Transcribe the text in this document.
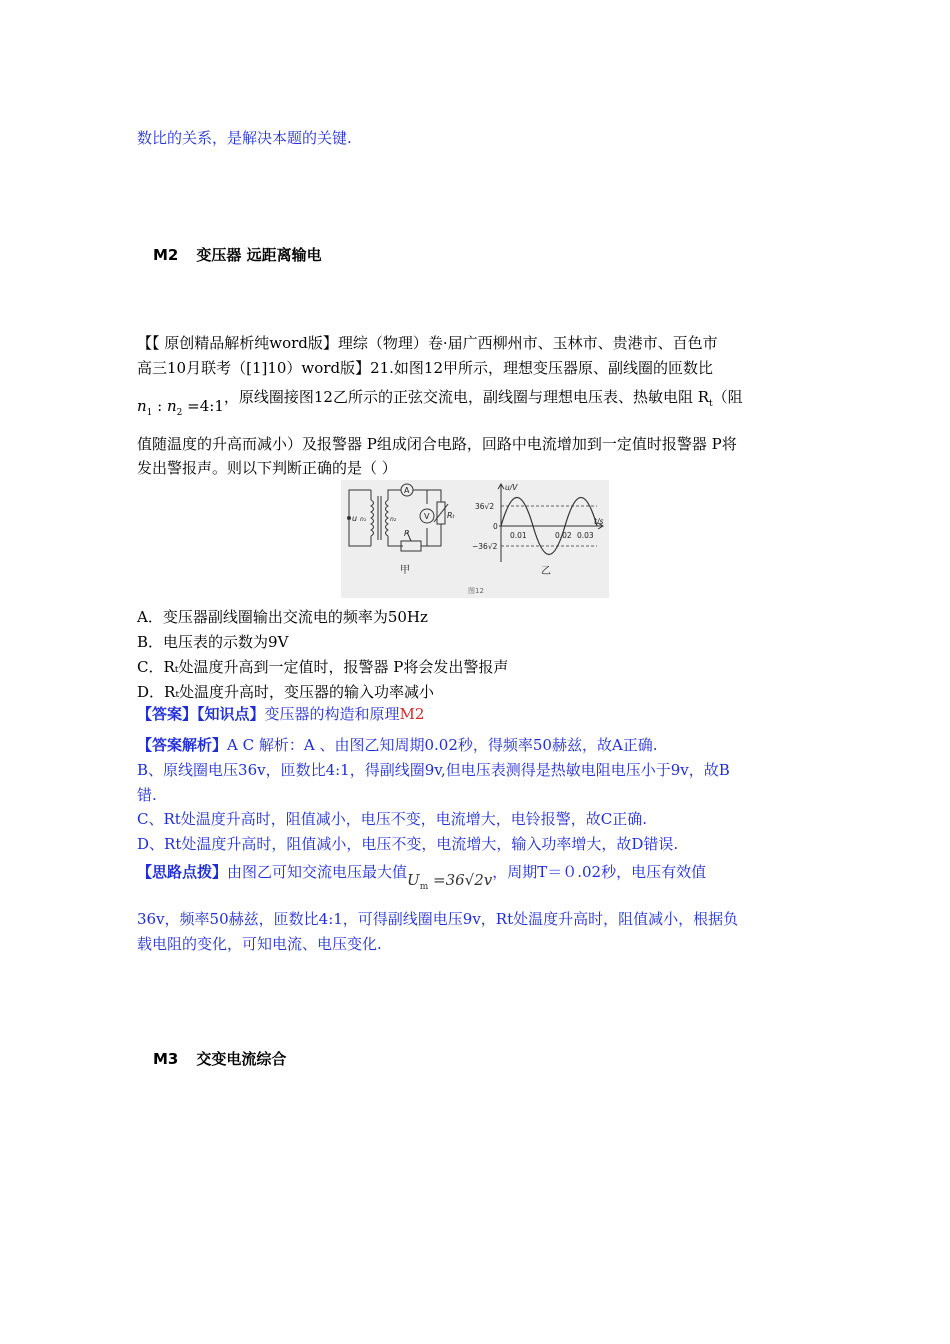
数比的关系，是解决本题的关键.
M2 变压器 远距离输电
【【 原创精品解析纯word版】理综（物理）卷·届广西柳州市、玉林市、贵港市、百色市
高三10月联考（[1]10）word版】21.如图12甲所示，理想变压器原、副线圈的匝数比
$n_1$ : $n_2$ =4:1，原线圈接图12乙所示的正弦交流电，副线圈与理想电压表、热敏电阻 $R_t$（阻
值随温度的升高而减小）及报警器 P组成闭合电路，回路中电流增加到一定值时报警器 P将
发出警报声。则以下判断正确的是（ ）
A
V Rₜ
P
u n₁	n₂
甲
u/V
t/s
36√2
0
−36√2
0.01	0.02 0.03
乙
图12
A．变压器副线圈输出交流电的频率为50Hz
B．电压表的示数为9V
C．Rₜ处温度升高到一定值时，报警器 P将会发出警报声
D．Rₜ处温度升高时，变压器的输入功率减小
【答案】【知识点】变压器的构造和原理M2
【答案解析】A C 解析：A 、由图乙知周期0.02秒，得频率50赫兹，故A正确.
B、原线圈电压36v，匝数比4:1，得副线圈9v,但电压表测得是热敏电阻电压小于9v，故B
错.
C、Rt处温度升高时，阻值减小，电压不变，电流增大，电铃报警，故C正确.
D、Rt处温度升高时，阻值减小，电压不变，电流增大，输入功率增大，故D错误.
【思路点拨】由图乙可知交流电压最大值$U_m =36√2v$，周期T＝０.02秒，电压有效值
36v，频率50赫兹，匝数比4:1，可得副线圈电压9v，Rt处温度升高时，阻值减小，根据负
载电阻的变化，可知电流、电压变化.
M3 交变电流综合
